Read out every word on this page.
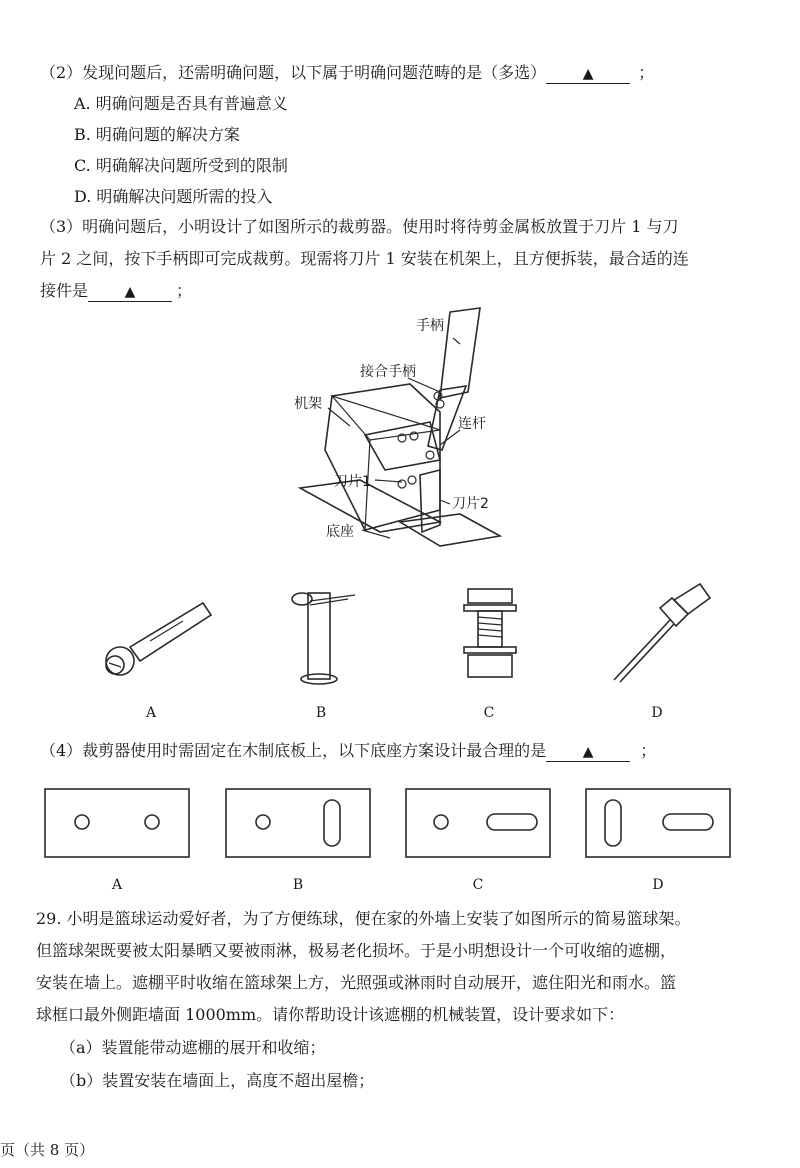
（2）发现问题后，还需明确问题，以下属于明确问题范畴的是（多选）	▲	；
A. 明确问题是否具有普遍意义
B. 明确问题的解决方案
C. 明确解决问题所受到的限制
D. 明确解决问题所需的投入
（3）明确问题后，小明设计了如图所示的裁剪器。使用时将待剪金属板放置于刀片 1 与刀
片 2 之间，按下手柄即可完成裁剪。现需将刀片 1 安装在机架上，且方便拆装，最合适的连
接件是	▲	；
手柄
接合手柄
机架
连杆
刀片1
刀片2
底座
A	B	C	D
（4）裁剪器使用时需固定在木制底板上，以下底座方案设计最合理的是	▲	；
A	B	C	D
29. 小明是篮球运动爱好者，为了方便练球，便在家的外墙上安装了如图所示的简易篮球架。
但篮球架既要被太阳暴晒又要被雨淋，极易老化损坏。于是小明想设计一个可收缩的遮棚，
安装在墙上。遮棚平时收缩在篮球架上方，光照强或淋雨时自动展开，遮住阳光和雨水。篮
球框口最外侧距墙面 1000mm。请你帮助设计该遮棚的机械装置，设计要求如下：
（a）装置能带动遮棚的展开和收缩；
（b）装置安装在墙面上，高度不超出屋檐；
页（共 8 页）
